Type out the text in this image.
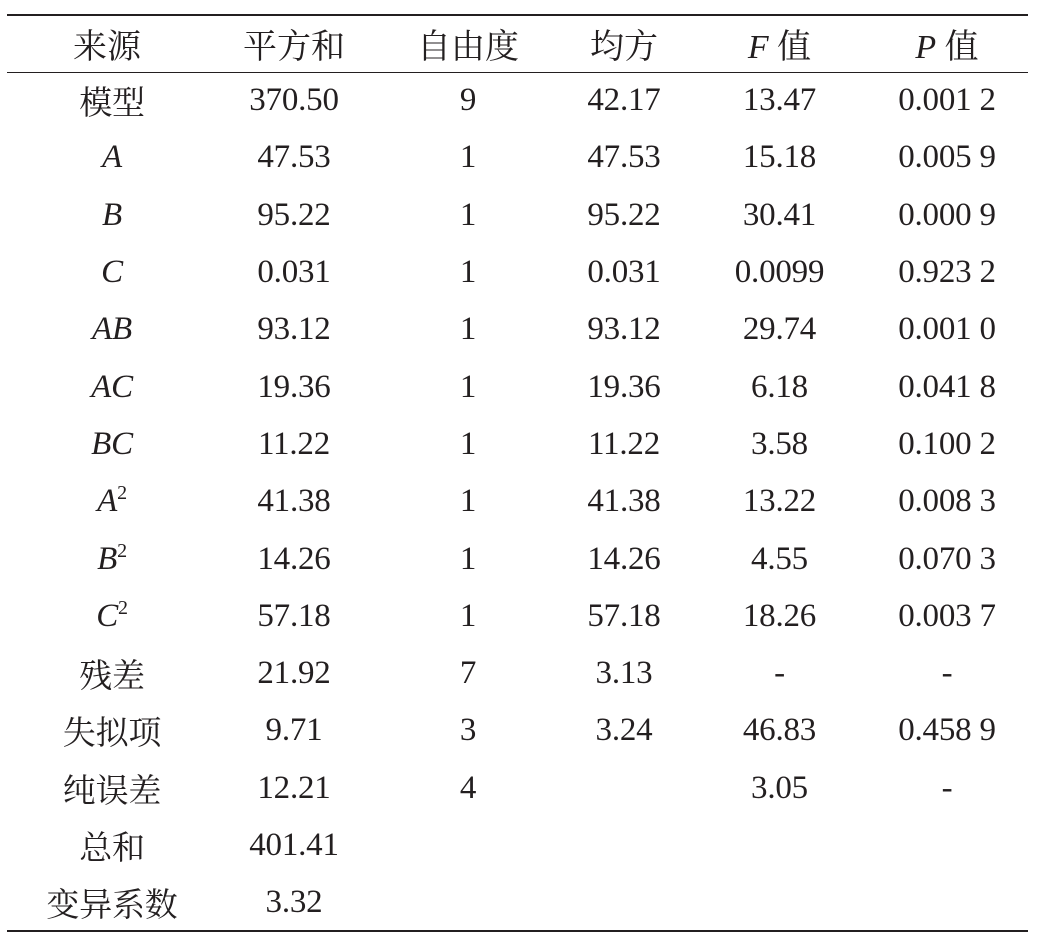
来源	平方和	自由度	均方	F 值	P 值
模型	370.50	9	42.17	13.47	0.001 2
A	47.53	1	47.53	15.18	0.005 9
B	95.22	1	95.22	30.41	0.000 9
C	0.031	1	0.031	0.0099	0.923 2
AB	93.12	1	93.12	29.74	0.001 0
AC	19.36	1	19.36	6.18	0.041 8
BC	11.22	1	11.22	3.58	0.100 2
$A^2$	41.38	1	41.38	13.22	0.008 3
$B^2$	14.26	1	14.26	4.55	0.070 3
$C^2$	57.18	1	57.18	18.26	0.003 7
残差	21.92	7	3.13	-	-
失拟项	9.71	3	3.24	46.83	0.458 9
纯误差	12.21	4		3.05	-
总和	401.41				
变异系数	3.32				
